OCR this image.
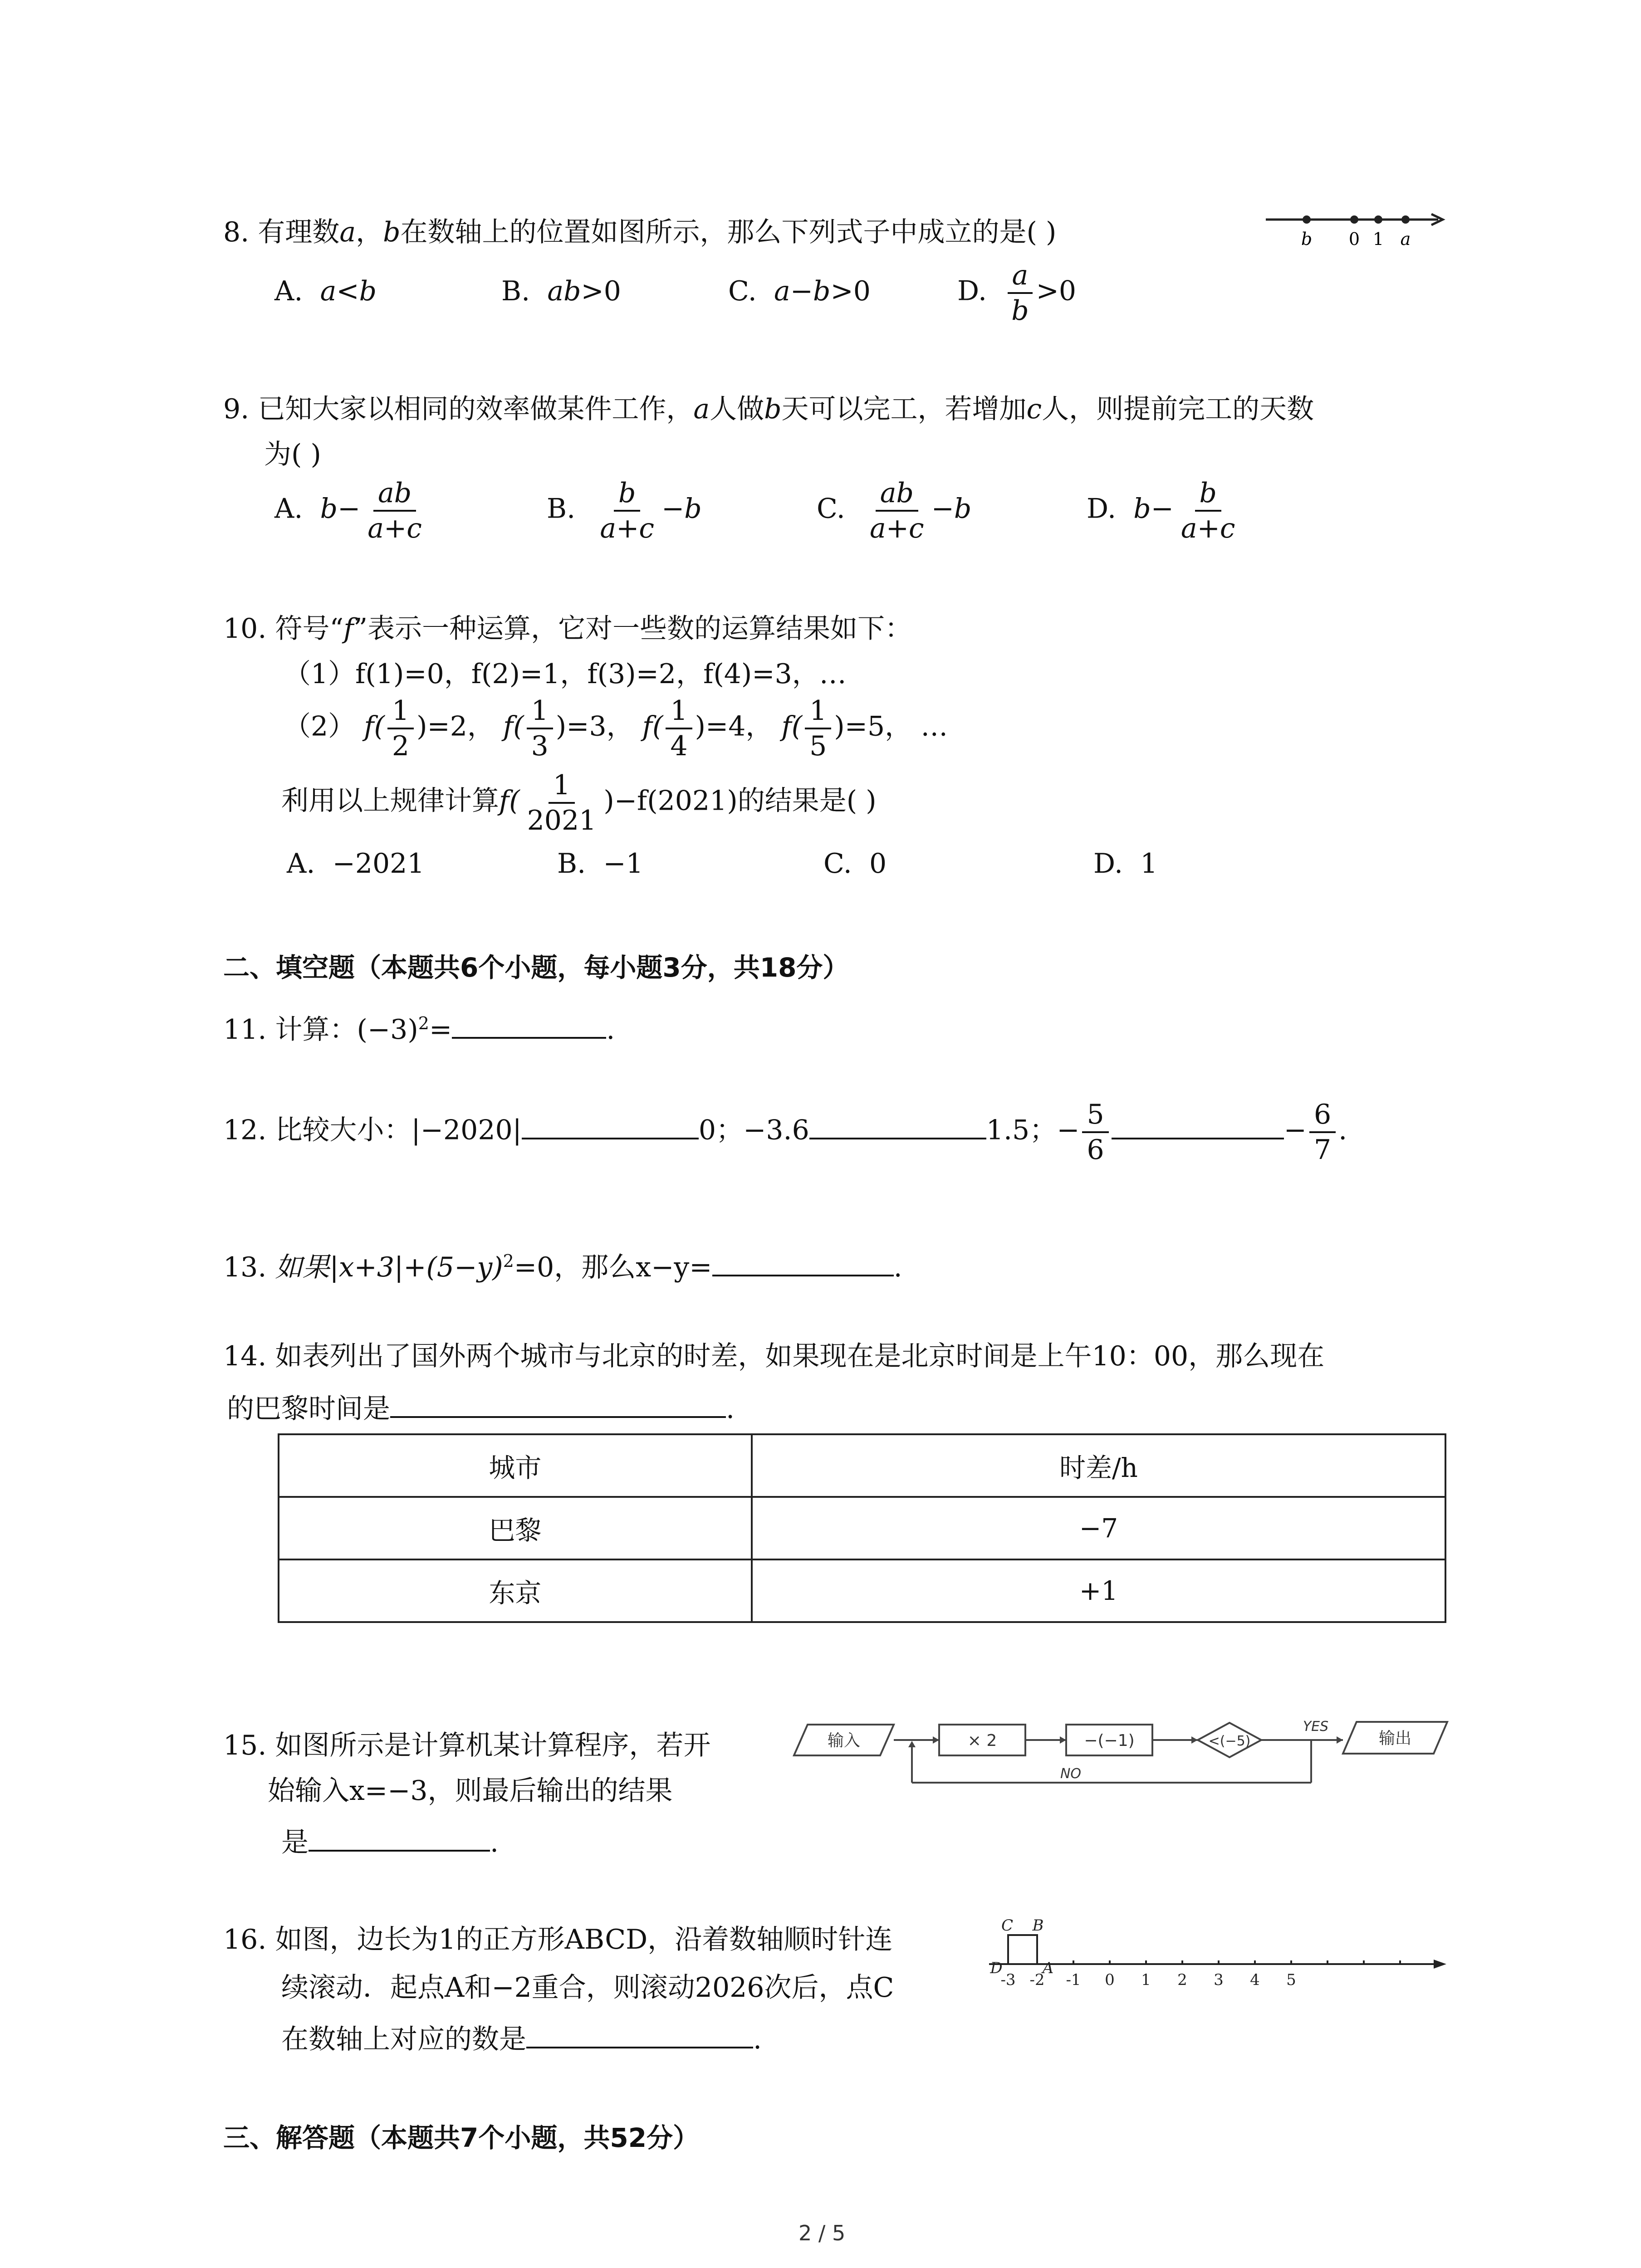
8. 有理数a，b在数轴上的位置如图所示，那么下列式子中成立的是( )	b 0 1 a
A. a<b	B. ab>0	C. a−b>0	D. $\frac{a}{b} >0$
9. 已知大家以相同的效率做某件工作，a人做b天可以完工，若增加c人，则提前完工的天数
为( )
A. $b- \frac{ab}{a+c}$	B. $\frac{b}{a+c} -b$	C. $\frac{ab}{a+c} -b$	D. $b- \frac{b}{a+c}$
10. 符号“f”表示一种运算，它对一些数的运算结果如下：
（1）f(1)=0，f(2)=1，f(3)=2，f(4)=3，…
（2） $f( \frac{1}{2} )=2$， $f( \frac{1}{3} )=3$， $f( \frac{1}{4} )=4$， $f( \frac{1}{5} )=5$， …
利用以上规律计算$f( \frac{1}{2021} )-f(2021)$的结果是( )
A. −2021	B. −1	C. 0	D. 1
二、填空题（本题共6个小题，每小题3分，共18分）
11. 计算：$(-3)^2=$	.
12. 比较大小：|−2020|	0；−3.6	1.5；− $\frac{5}{6}$	− $\frac{6}{7}$ .
13. 如果$|x+3|+(5-y)^2=0$，那么x−y=	.
14. 如表列出了国外两个城市与北京的时差，如果现在是北京时间是上午10：00，那么现在
的巴黎时间是	.
城市	时差/h
巴黎	−7
东京	+1
15. 如图所示是计算机某计算程序，若开
始输入x=−3，则最后输出的结果
是	.
输入	× 2	−(−1)	<(−5)	输出
YES
NO
16. 如图，边长为1的正方形ABCD，沿着数轴顺时针连
续滚动．起点A和−2重合，则滚动2026次后，点C
在数轴上对应的数是	.
-3 -2 -1 0 1 2 3 4 5
C B
D	A
三、解答题（本题共7个小题，共52分）
2 / 5
